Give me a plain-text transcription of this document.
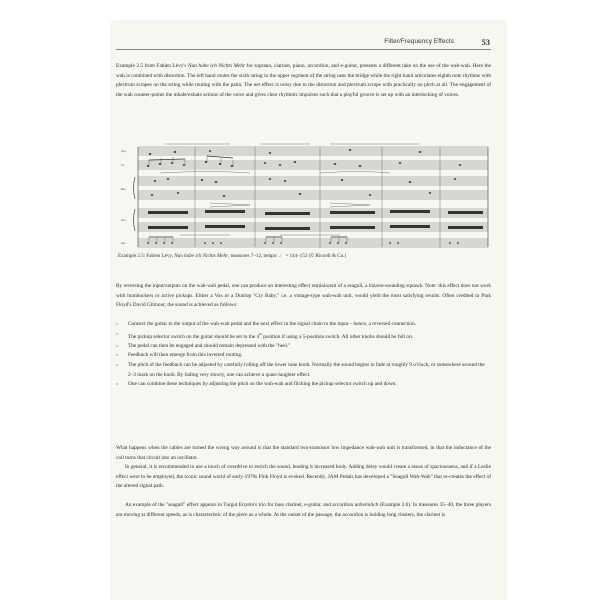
Filter/Frequency Effects	53

Example 2.5 from Fabien Lévy's Nun habe ich Nichts Mehr for soprano, clarinet, piano, accordion, and e-guitar, presents a different take on the use of the wah-wah. Here the wah is combined with distortion. The left hand mutes the sixth string in the upper segment of the string near the bridge while the right hand articulates eighth note rhythms with plectrum scrapes on the string while muting with the palm. The net effect is noisy due to the distortion and plectrum scrape with practically no pitch at all. The engagement of the wah counter-points the inhale/exhale actions of the voice and gives clear rhythmic impulses such that a playful groove is set up with an interlocking of voices.

Sop.
Cl.
Pno.
Acc.
Git.
Example 2.5: Fabien Lévy, Nun habe ich Nichts Mehr, measures 7–12, tempo: ♩ = 144–152 (© Ricordi & Co.)

By reversing the input/outputs on the wah-wah pedal, one can produce an interesting effect reminiscent of a seagull, a bizarre-sounding squawk. Note: this effect does not work with humbuckers or active pickups. Either a Vox or a Dunlop "Cry Baby," i.e. a vintage-type wah-wah unit, would yield the most satisfying results. Often credited to Pink Floyd's David Gilmour, the sound is achieved as follows:

»	Connect the guitar to the output of the wah-wah pedal and the next effect in the signal chain to the input – hence, a reversed connection.
»	The pickup selector switch on the guitar should be set to the 4th position if using a 5-position switch. All other knobs should be full on.
»	The pedal can then be engaged and should remain depressed with the "heel."
»	Feedback will then emerge from this inverted routing.
»	The pitch of the feedback can be adjusted by carefully rolling off the lower tone knob. Normally the sound begins to fade at roughly 9 o'clock, or somewhere around the 2–3 mark on the knob. By fading very slowly, one can achieve a quasi-laughter effect.
»	One can combine these techniques by adjusting the pitch on the wah-wah and flicking the pickup selector switch up and down.

What happens when the cables are turned the wrong way around is that the standard two-transistor low impedance wah-wah unit is transformed, in that the inductance of the coil turns that circuit into an oscillator.

In general, it is recommended to use a touch of overdrive to enrich the sound, lending it increased body. Adding delay would create a sense of spaciousness, and if a Leslie effect were to be employed, the iconic sound world of early-1970s Pink Floyd is evoked. Recently, JAM Pedals has developed a "Seagull Wah-Wah" that re-creates the effect of the altered signal path.

An example of the "seagull" effect appears in Turgut Erçetin's trio for bass clarinet, e-guitar, and accordion unheimlich (Example 2.6). In measures 35–40, the three players are moving at different speeds, as is characteristic of the piece as a whole. At the outset of the passage, the accordion is holding long clusters, the clarinet is
